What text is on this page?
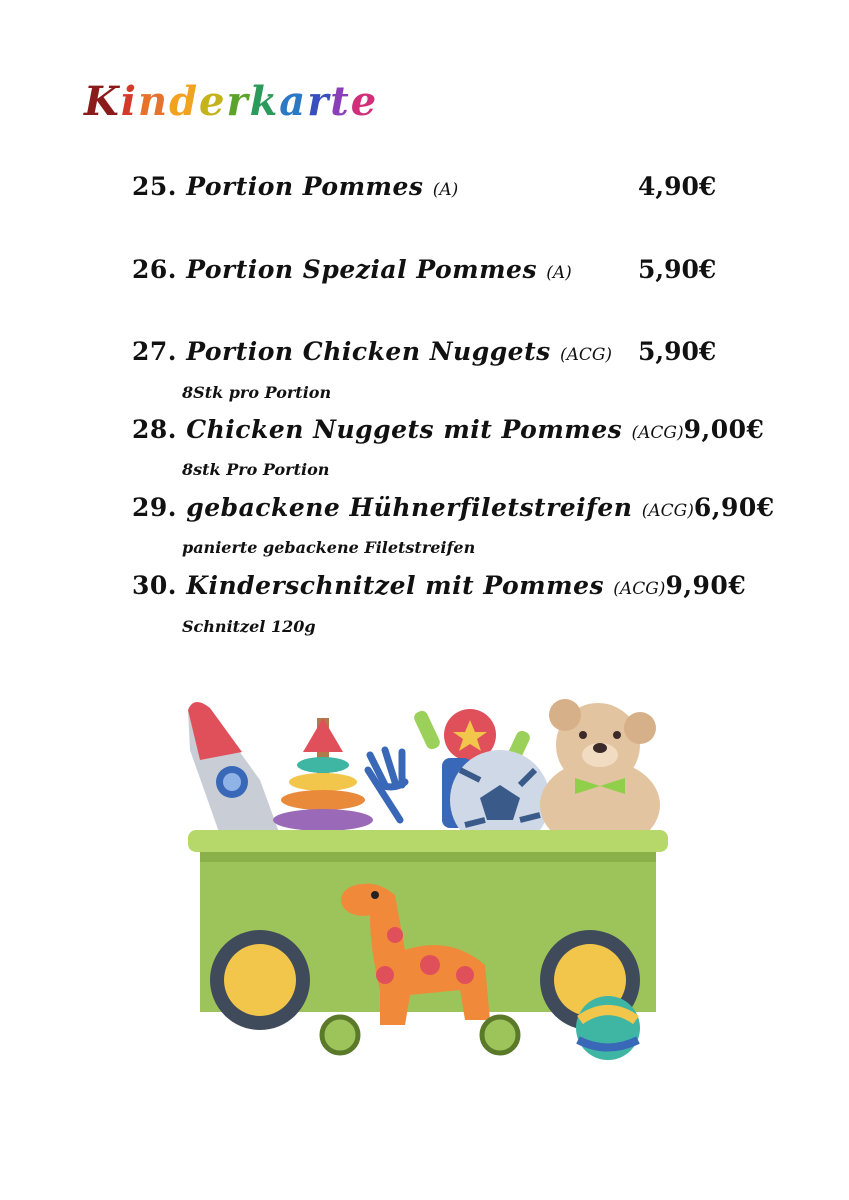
Kinderkarte
25. Portion Pommes (A)	4,90€
26. Portion Spezial Pommes (A)	5,90€
27. Portion Chicken Nuggets (ACG) 5,90€
8Stk pro Portion
28. Chicken Nuggets mit Pommes (ACG)9,00€
8stk Pro Portion
29. gebackene Hühnerfiletstreifen (ACG)6,90€
panierte gebackene Filetstreifen
30. Kinderschnitzel mit Pommes (ACG)9,90€
Schnitzel 120g
